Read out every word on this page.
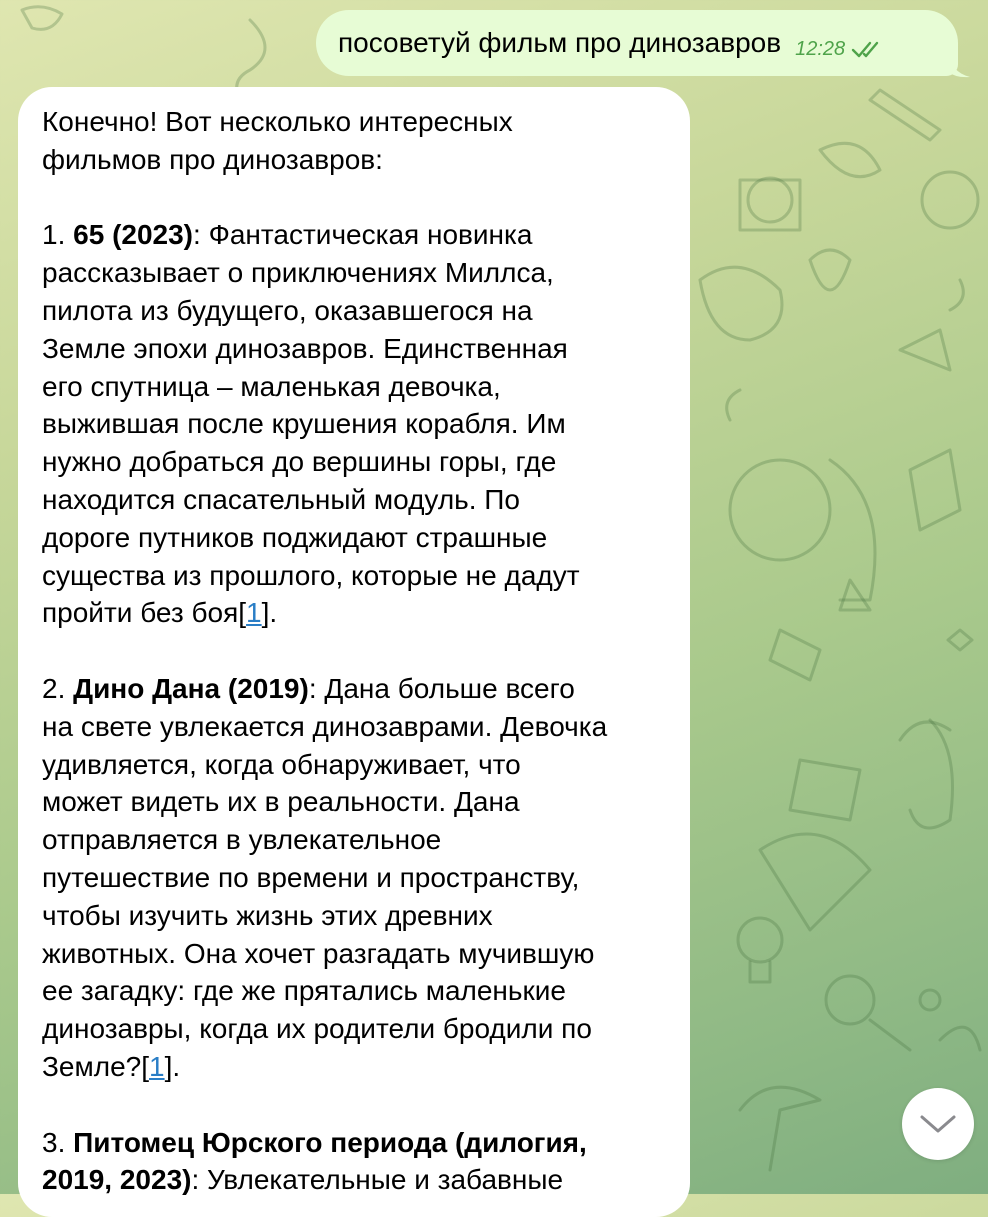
посоветуй фильм про динозавров 12:28

Конечно! Вот несколько интересных

фильмов про динозавров:

1. 65 (2023): Фантастическая новинка

рассказывает о приключениях Миллса,

пилота из будущего, оказавшегося на

Земле эпохи динозавров. Единственная

его спутница – маленькая девочка,

выжившая после крушения корабля. Им

нужно добраться до вершины горы, где

находится спасательный модуль. По

дороге путников поджидают страшные

существа из прошлого, которые не дадут

пройти без боя[1].

2. Дино Дана (2019): Дана больше всего

на свете увлекается динозаврами. Девочка

удивляется, когда обнаруживает, что

может видеть их в реальности. Дана

отправляется в увлекательное

путешествие по времени и пространству,

чтобы изучить жизнь этих древних

животных. Она хочет разгадать мучившую

ее загадку: где же прятались маленькие

динозавры, когда их родители бродили по

Земле?[1].

3. Питомец Юрского периода (дилогия,

2019, 2023): Увлекательные и забавные
